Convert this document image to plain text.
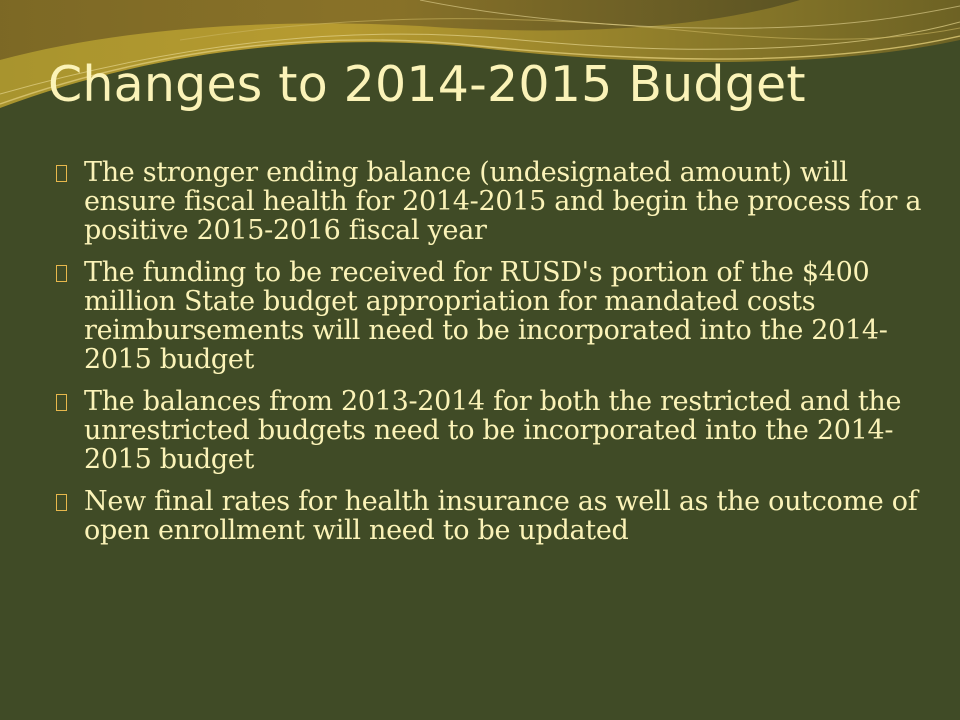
Changes to 2014-2015 Budget
The stronger ending balance (undesignated amount) will ensure fiscal health for 2014-2015 and begin the process for a positive 2015-2016 fiscal year
The funding to be received for RUSD's portion of the $400 million State budget appropriation for mandated costs reimbursements will need to be incorporated into the 2014-2015 budget
The balances from 2013-2014 for both the restricted and the unrestricted budgets need to be incorporated into the 2014-2015 budget
New final rates for health insurance as well as the outcome of open enrollment will need to be updated
